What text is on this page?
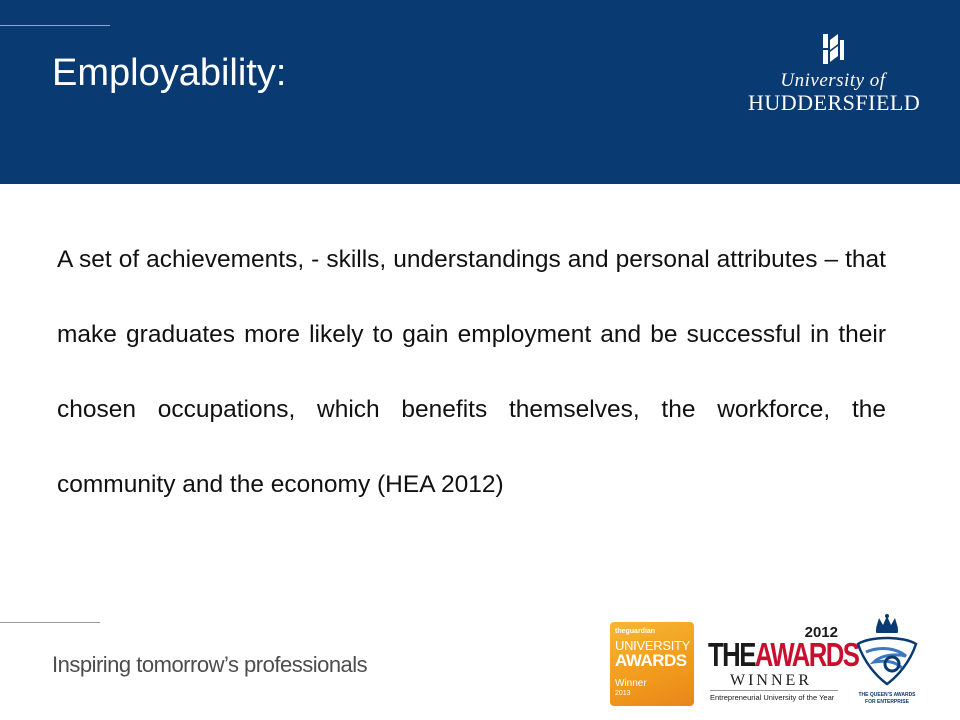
Employability:	University of
HUDDERSFIELD

A set of achievements, - skills, understandings and personal attributes – that make graduates more likely to gain employment and be successful in their chosen occupations, which benefits themselves, the workforce, the community and the economy (HEA 2012)

Inspiring tomorrow’s professionals

theguardian
UNIVERSITY
AWARDS
Winner
2013
2012
THEAWARDS
WINNER
Entrepreneurial University of the Year	THE QUEEN’S AWARDS
FOR ENTERPRISE
